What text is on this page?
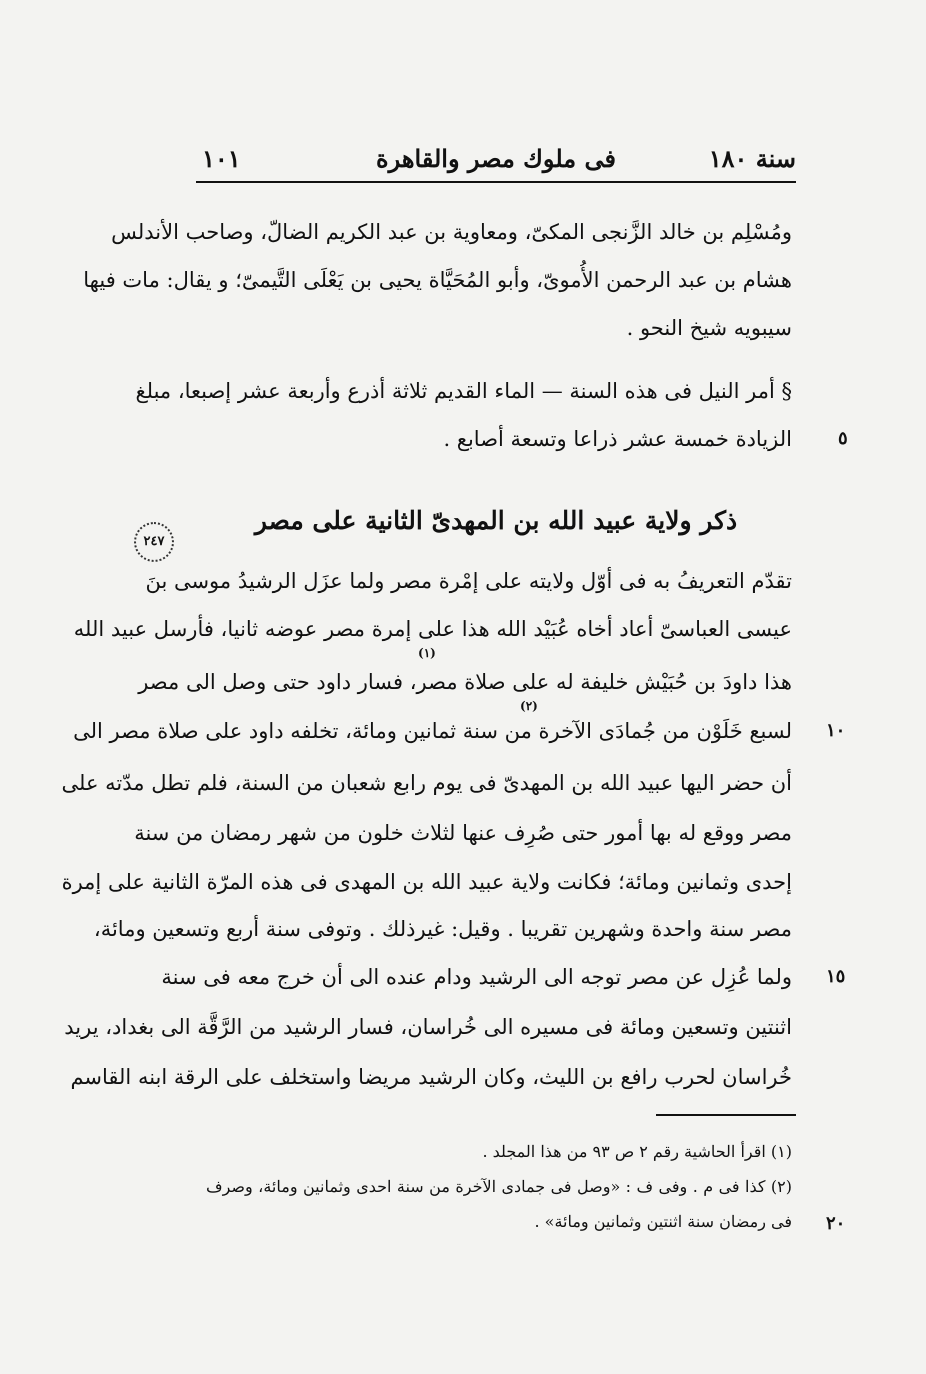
سنة ١٨٠
فى ملوك مصر والقاهرة
١٠١
ومُسْلِم بن خالد الزَّنجى المكىّ، ومعاوية بن عبد الكريم الضالّ، وصاحب الأندلس
هشام بن عبد الرحمن الأُموىّ، وأبو المُحَيَّاة يحيى بن يَعْلَى التَّيمىّ؛ و يقال: مات فيها
سيبويه شيخ النحو .
§ أمر النيل فى هذه السنة — الماء القديم ثلاثة أذرع وأربعة عشر إصبعا، مبلغ
الزيادة خمسة عشر ذراعا وتسعة أصابع .	٥
ذكر ولاية عبيد الله بن المهدىّ الثانية على مصر
٢٤٧
تقدّم التعريفُ به فى أوّل ولايته على إمْرة مصر ولما عزَل الرشيدُ موسى بنَ
عيسى العباسىّ أعاد أخاه عُبَيْد الله هذا على إمرة مصر عوضه ثانيا، فأرسل عبيد الله
(١)
هذا داودَ بن حُبَيْش خليفة له على صلاة مصر، فسار داود حتى وصل الى مصر
(٢)
لسبع خَلَوْن من جُمادَى الآخرة من سنة ثمانين ومائة، تخلفه داود على صلاة مصر الى ١٠
أن حضر اليها عبيد الله بن المهدىّ فى يوم رابع شعبان من السنة، فلم تطل مدّته على
مصر ووقع له بها أمور حتى صُرِف عنها لثلاث خلون من شهر رمضان من سنة
إحدى وثمانين ومائة؛ فكانت ولاية عبيد الله بن المهدى فى هذه المرّة الثانية على إمرة
مصر سنة واحدة وشهرين تقريبا . وقيل: غيرذلك . وتوفى سنة أربع وتسعين ومائة،
ولما عُزِل عن مصر توجه الى الرشيد ودام عنده الى أن خرج معه فى سنة ١٥
اثنتين وتسعين ومائة فى مسيره الى خُراسان، فسار الرشيد من الرَّقَّة الى بغداد، يريد
خُراسان لحرب رافع بن الليث، وكان الرشيد مريضا واستخلف على الرقة ابنه القاسم
(١) اقرأ الحاشية رقم ٢ ص ٩٣ من هذا المجلد .
(٢) كذا فى م . وفى ف : «وصل فى جمادى الآخرة من سنة احدى وثمانين ومائة، وصرف
فى رمضان سنة اثنتين وثمانين ومائة» . ٢٠
